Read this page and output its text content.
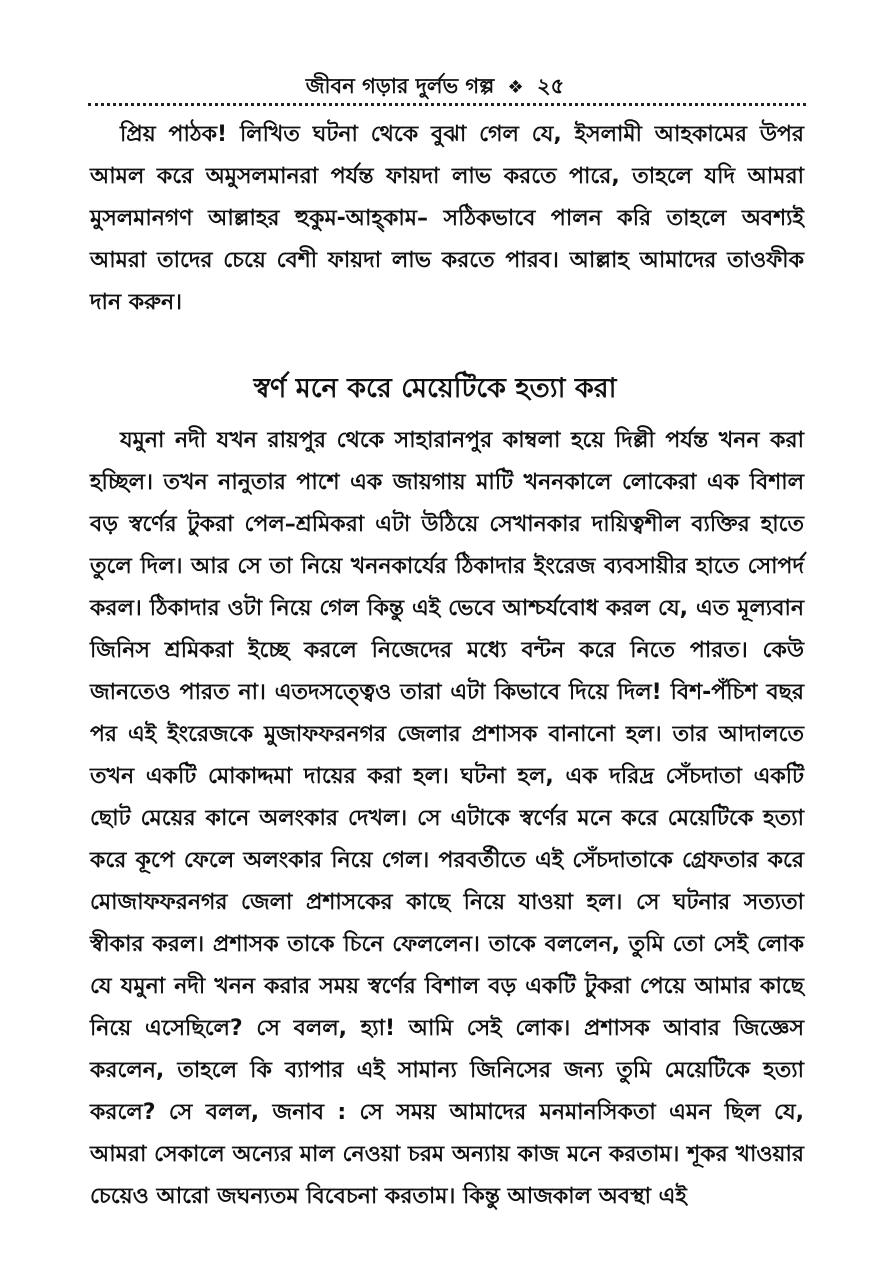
জীবন গড়ার দুর্লভ গল্প ❖ ২৫

প্রিয় পাঠক! লিখিত ঘটনা থেকে বুঝা গেল যে, ইসলামী আহকামের উপর আমল করে অমুসলমানরা পর্যন্ত ফায়দা লাভ করতে পারে, তাহলে যদি আমরা মুসলমানগণ আল্লাহর হুকুম-আহ্কাম– সঠিকভাবে পালন করি তাহলে অবশ্যই আমরা তাদের চেয়ে বেশী ফায়দা লাভ করতে পারব। আল্লাহ আমাদের তাওফীক দান করুন।

স্বর্ণ মনে করে মেয়েটিকে হত্যা করা

যমুনা নদী যখন রায়পুর থেকে সাহারানপুর কাম্বলা হয়ে দিল্লী পর্যন্ত খনন করা হচ্ছিল। তখন নানুতার পাশে এক জায়গায় মাটি খননকালে লোকেরা এক বিশাল বড় স্বর্ণের টুকরা পেল–শ্রমিকরা এটা উঠিয়ে সেখানকার দায়িত্বশীল ব্যক্তির হাতে তুলে দিল। আর সে তা নিয়ে খননকার্যের ঠিকাদার ইংরেজ ব্যবসায়ীর হাতে সোপর্দ করল। ঠিকাদার ওটা নিয়ে গেল কিন্তু এই ভেবে আশ্চর্যবোধ করল যে, এত মূল্যবান জিনিস শ্রমিকরা ইচ্ছে করলে নিজেদের মধ্যে বন্টন করে নিতে পারত। কেউ জানতেও পারত না। এতদসত্ত্বেও তারা এটা কিভাবে দিয়ে দিল! বিশ-পঁচিশ বছর পর এই ইংরেজকে মুজাফফরনগর জেলার প্রশাসক বানানো হল। তার আদালতে তখন একটি মোকাদ্দমা দায়ের করা হল। ঘটনা হল, এক দরিদ্র সেঁচদাতা একটি ছোট মেয়ের কানে অলংকার দেখল। সে এটাকে স্বর্ণের মনে করে মেয়েটিকে হত্যা করে কূপে ফেলে অলংকার নিয়ে গেল। পরবর্তীতে এই সেঁচদাতাকে গ্রেফতার করে মোজাফফরনগর জেলা প্রশাসকের কাছে নিয়ে যাওয়া হল। সে ঘটনার সত্যতা স্বীকার করল। প্রশাসক তাকে চিনে ফেললেন। তাকে বললেন, তুমি তো সেই লোক যে যমুনা নদী খনন করার সময় স্বর্ণের বিশাল বড় একটি টুকরা পেয়ে আমার কাছে নিয়ে এসেছিলে? সে বলল, হ্যা! আমি সেই লোক। প্রশাসক আবার জিজ্ঞেস করলেন, তাহলে কি ব্যাপার এই সামান্য জিনিসের জন্য তুমি মেয়েটিকে হত্যা করলে? সে বলল, জনাব : সে সময় আমাদের মনমানসিকতা এমন ছিল যে, আমরা সেকালে অন্যের মাল নেওয়া চরম অন্যায় কাজ মনে করতাম। শূকর খাওয়ার চেয়েও আরো জঘন্যতম বিবেচনা করতাম। কিন্তু আজকাল অবস্থা এই
